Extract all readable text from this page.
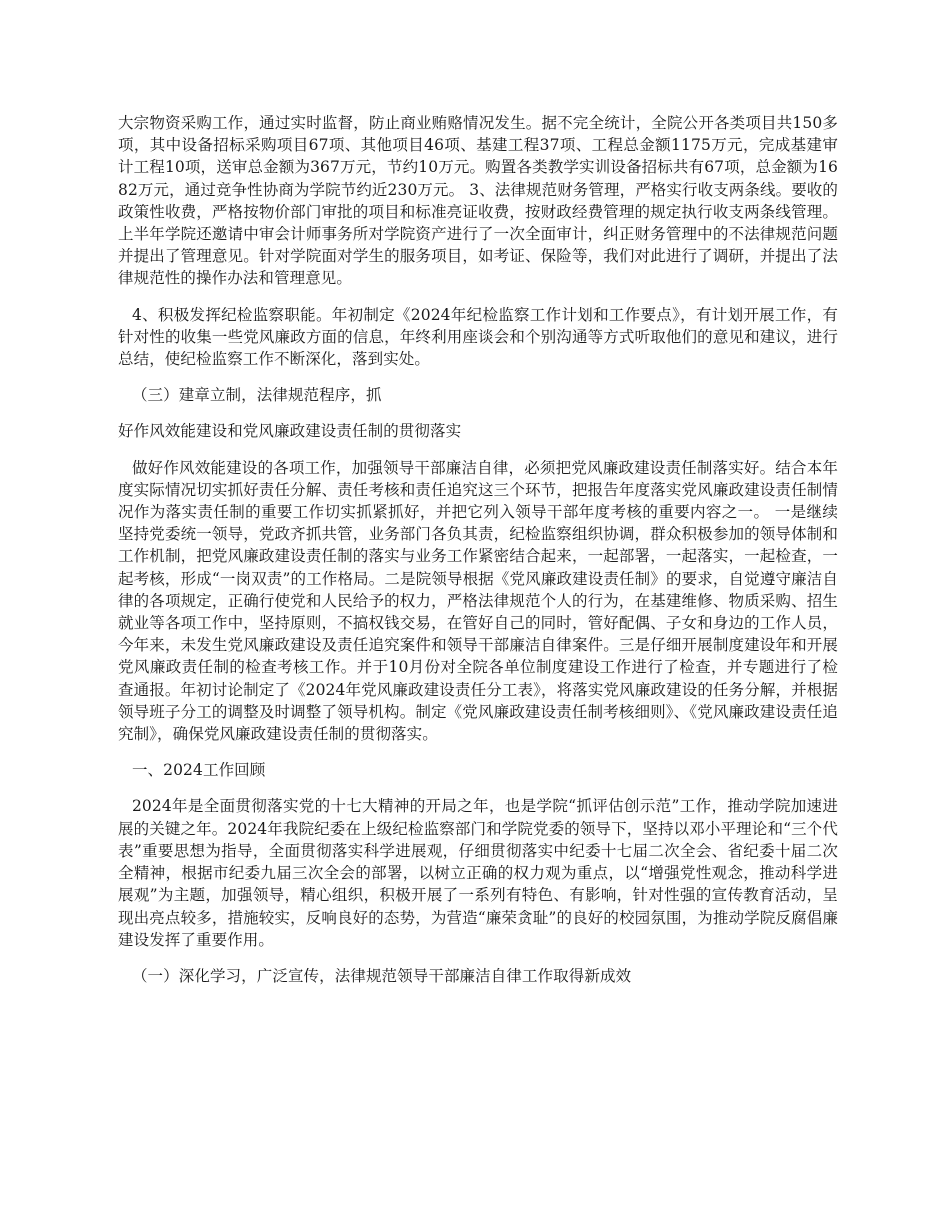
大宗物资采购工作，通过实时监督，防止商业贿赂情况发生。据不完全统计，全院公开各类项目共150多项，其中设备招标采购项目67项、其他项目46项、基建工程37项、工程总金额1175万元，完成基建审计工程10项，送审总金额为367万元，节约10万元。购置各类教学实训设备招标共有67项，总金额为1682万元，通过竞争性协商为学院节约近230万元。 3、法律规范财务管理，严格实行收支两条线。要收的政策性收费，严格按物价部门审批的项目和标准亮证收费，按财政经费管理的规定执行收支两条线管理。上半年学院还邀请中审会计师事务所对学院资产进行了一次全面审计，纠正财务管理中的不法律规范问题并提出了管理意见。针对学院面对学生的服务项目，如考证、保险等，我们对此进行了调研，并提出了法律规范性的操作办法和管理意见。

4、积极发挥纪检监察职能。年初制定《2024年纪检监察工作计划和工作要点》，有计划开展工作，有针对性的收集一些党风廉政方面的信息，年终利用座谈会和个别沟通等方式听取他们的意见和建议，进行总结，使纪检监察工作不断深化，落到实处。

（三）建章立制，法律规范程序，抓

好作风效能建设和党风廉政建设责任制的贯彻落实

做好作风效能建设的各项工作，加强领导干部廉洁自律，必须把党风廉政建设责任制落实好。结合本年度实际情况切实抓好责任分解、责任考核和责任追究这三个环节，把报告年度落实党风廉政建设责任制情况作为落实责任制的重要工作切实抓紧抓好，并把它列入领导干部年度考核的重要内容之一。 一是继续坚持党委统一领导，党政齐抓共管，业务部门各负其责，纪检监察组织协调，群众积极参加的领导体制和工作机制，把党风廉政建设责任制的落实与业务工作紧密结合起来，一起部署，一起落实，一起检查，一起考核，形成“一岗双责”的工作格局。二是院领导根据《党风廉政建设责任制》的要求，自觉遵守廉洁自律的各项规定，正确行使党和人民给予的权力，严格法律规范个人的行为，在基建维修、物质采购、招生就业等各项工作中，坚持原则，不搞权钱交易，在管好自己的同时，管好配偶、子女和身边的工作人员，今年来，未发生党风廉政建设及责任追究案件和领导干部廉洁自律案件。三是仔细开展制度建设年和开展党风廉政责任制的检查考核工作。并于10月份对全院各单位制度建设工作进行了检查，并专题进行了检查通报。年初讨论制定了《2024年党风廉政建设责任分工表》，将落实党风廉政建设的任务分解，并根据领导班子分工的调整及时调整了领导机构。制定《党风廉政建设责任制考核细则》、《党风廉政建设责任追究制》，确保党风廉政建设责任制的贯彻落实。

一、2024工作回顾

2024年是全面贯彻落实党的十七大精神的开局之年，也是学院“抓评估创示范”工作，推动学院加速进展的关键之年。2024年我院纪委在上级纪检监察部门和学院党委的领导下，坚持以邓小平理论和“三个代表”重要思想为指导，全面贯彻落实科学进展观，仔细贯彻落实中纪委十七届二次全会、省纪委十届二次全精神，根据市纪委九届三次全会的部署，以树立正确的权力观为重点，以“增强党性观念，推动科学进展观”为主题，加强领导，精心组织，积极开展了一系列有特色、有影响，针对性强的宣传教育活动，呈现出亮点较多，措施较实，反响良好的态势，为营造“廉荣贪耻”的良好的校园氛围，为推动学院反腐倡廉建设发挥了重要作用。

（一）深化学习，广泛宣传，法律规范领导干部廉洁自律工作取得新成效
